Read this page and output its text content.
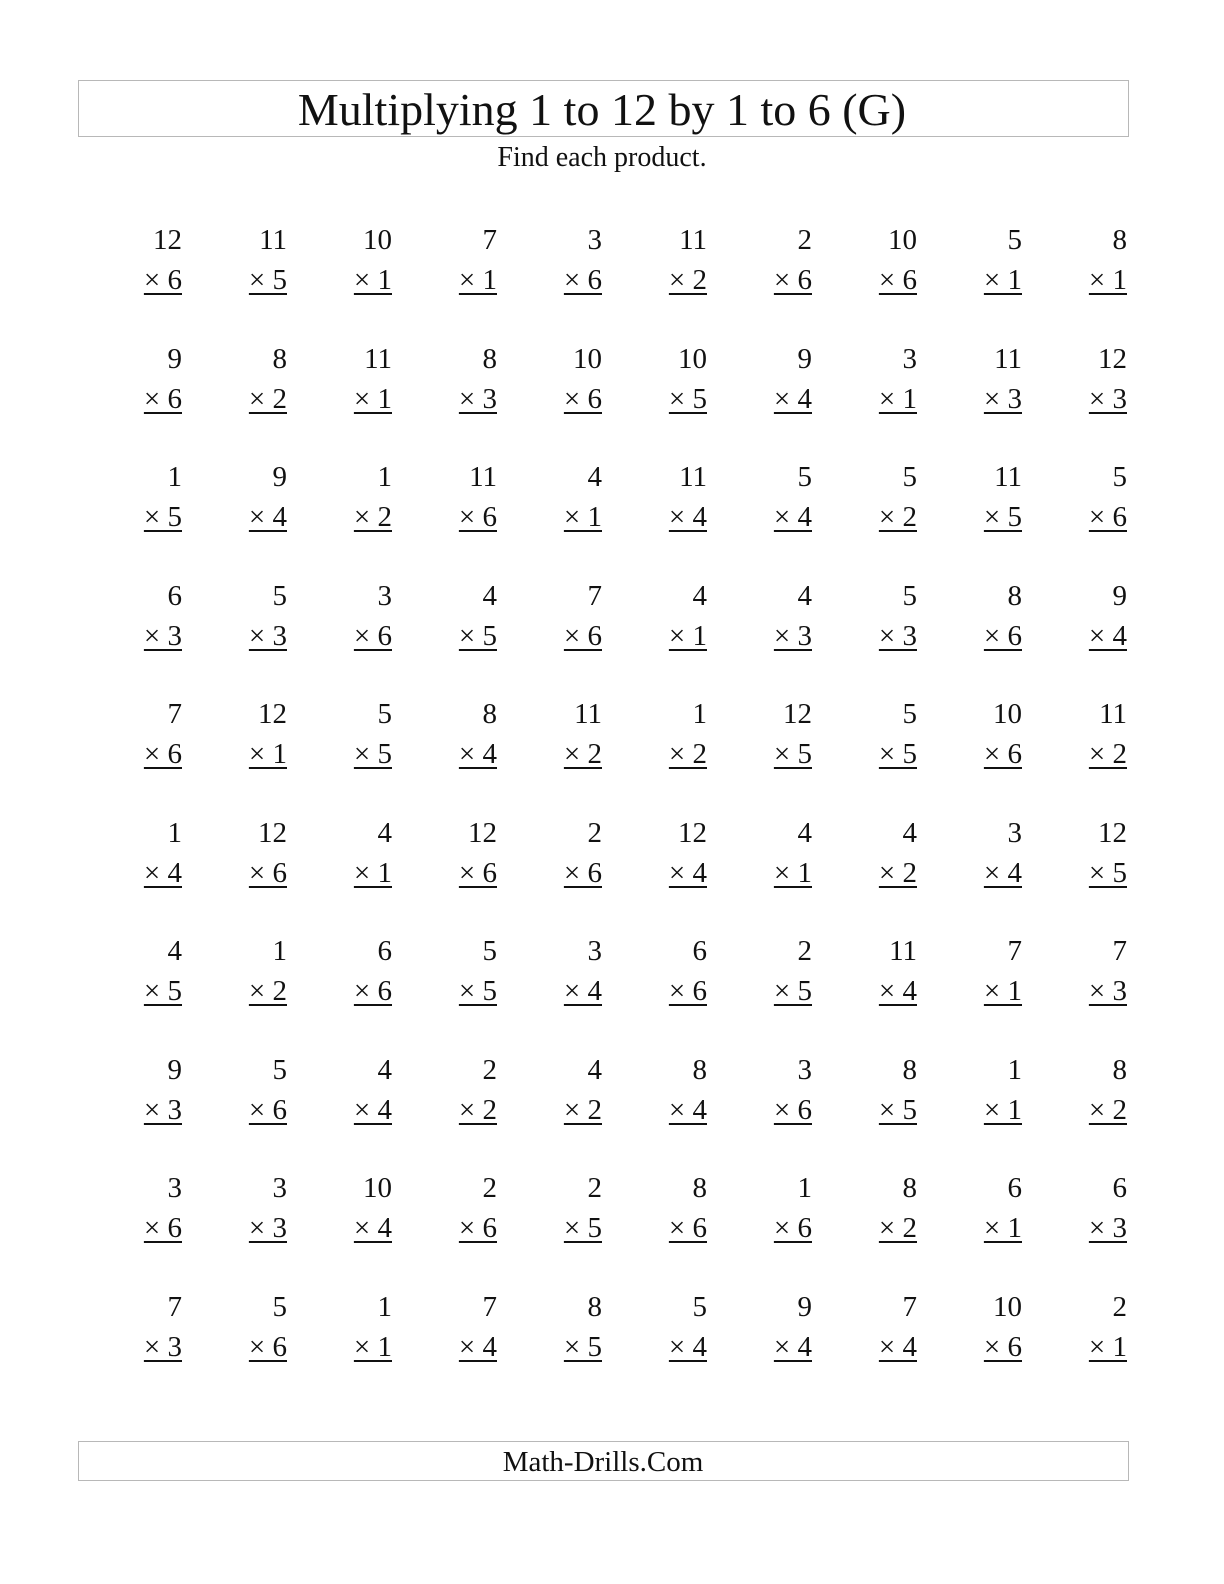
Multiplying 1 to 12 by 1 to 6 (G)
Find each product.
12
× 6
11
× 5
10
× 1
7
× 1
3
× 6
11
× 2
2
× 6
10
× 6
5
× 1
8
× 1
9
× 6
8
× 2
11
× 1
8
× 3
10
× 6
10
× 5
9
× 4
3
× 1
11
× 3
12
× 3
1
× 5
9
× 4
1
× 2
11
× 6
4
× 1
11
× 4
5
× 4
5
× 2
11
× 5
5
× 6
6
× 3
5
× 3
3
× 6
4
× 5
7
× 6
4
× 1
4
× 3
5
× 3
8
× 6
9
× 4
7
× 6
12
× 1
5
× 5
8
× 4
11
× 2
1
× 2
12
× 5
5
× 5
10
× 6
11
× 2
1
× 4
12
× 6
4
× 1
12
× 6
2
× 6
12
× 4
4
× 1
4
× 2
3
× 4
12
× 5
4
× 5
1
× 2
6
× 6
5
× 5
3
× 4
6
× 6
2
× 5
11
× 4
7
× 1
7
× 3
9
× 3
5
× 6
4
× 4
2
× 2
4
× 2
8
× 4
3
× 6
8
× 5
1
× 1
8
× 2
3
× 6
3
× 3
10
× 4
2
× 6
2
× 5
8
× 6
1
× 6
8
× 2
6
× 1
6
× 3
7
× 3
5
× 6
1
× 1
7
× 4
8
× 5
5
× 4
9
× 4
7
× 4
10
× 6
2
× 1
Math-Drills.Com
